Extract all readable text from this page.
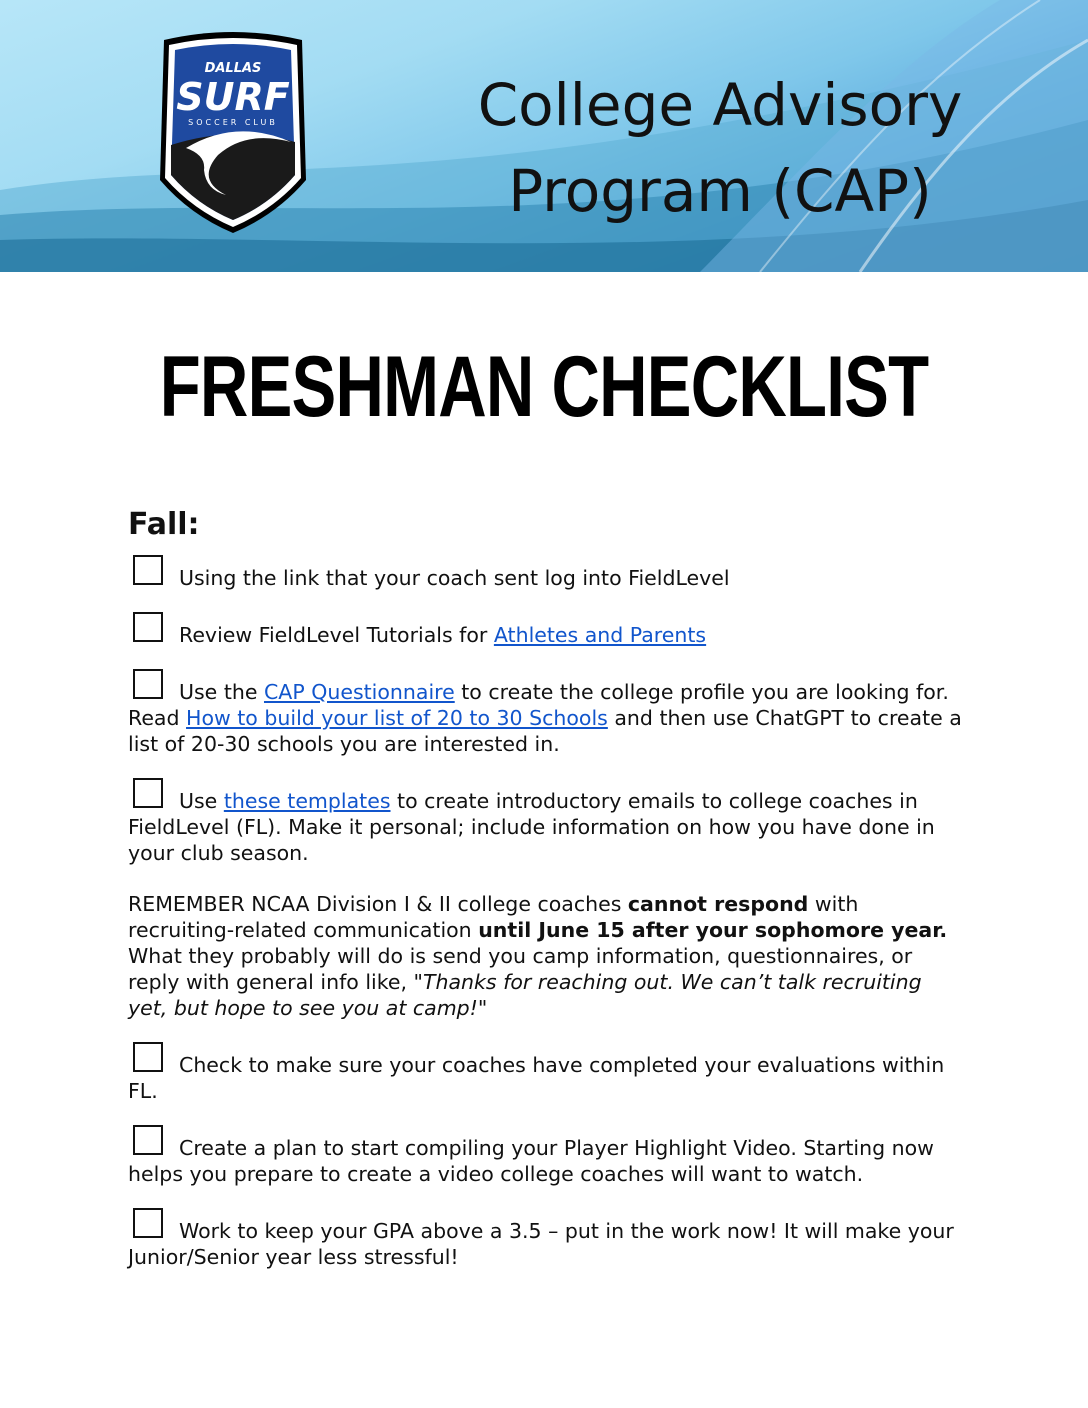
DALLAS
SURF
SOCCER CLUB	College Advisory
Program (CAP)
FRESHMAN CHECKLIST
Fall:
Using the link that your coach sent log into FieldLevel
Review FieldLevel Tutorials for Athletes and Parents
Use the CAP Questionnaire to create the college profile you are looking for. Read How to build your list of 20 to 30 Schools and then use ChatGPT to create a list of 20-30 schools you are interested in.
Use these templates to create introductory emails to college coaches in FieldLevel (FL). Make it personal; include information on how you have done in your club season.
REMEMBER NCAA Division I & II college coaches cannot respond with recruiting-related communication until June 15 after your sophomore year. What they probably will do is send you camp information, questionnaires, or reply with general info like, "Thanks for reaching out. We can’t talk recruiting yet, but hope to see you at camp!"
Check to make sure your coaches have completed your evaluations within FL.
Create a plan to start compiling your Player Highlight Video. Starting now helps you prepare to create a video college coaches will want to watch.
Work to keep your GPA above a 3.5 – put in the work now! It will make your Junior/Senior year less stressful!
